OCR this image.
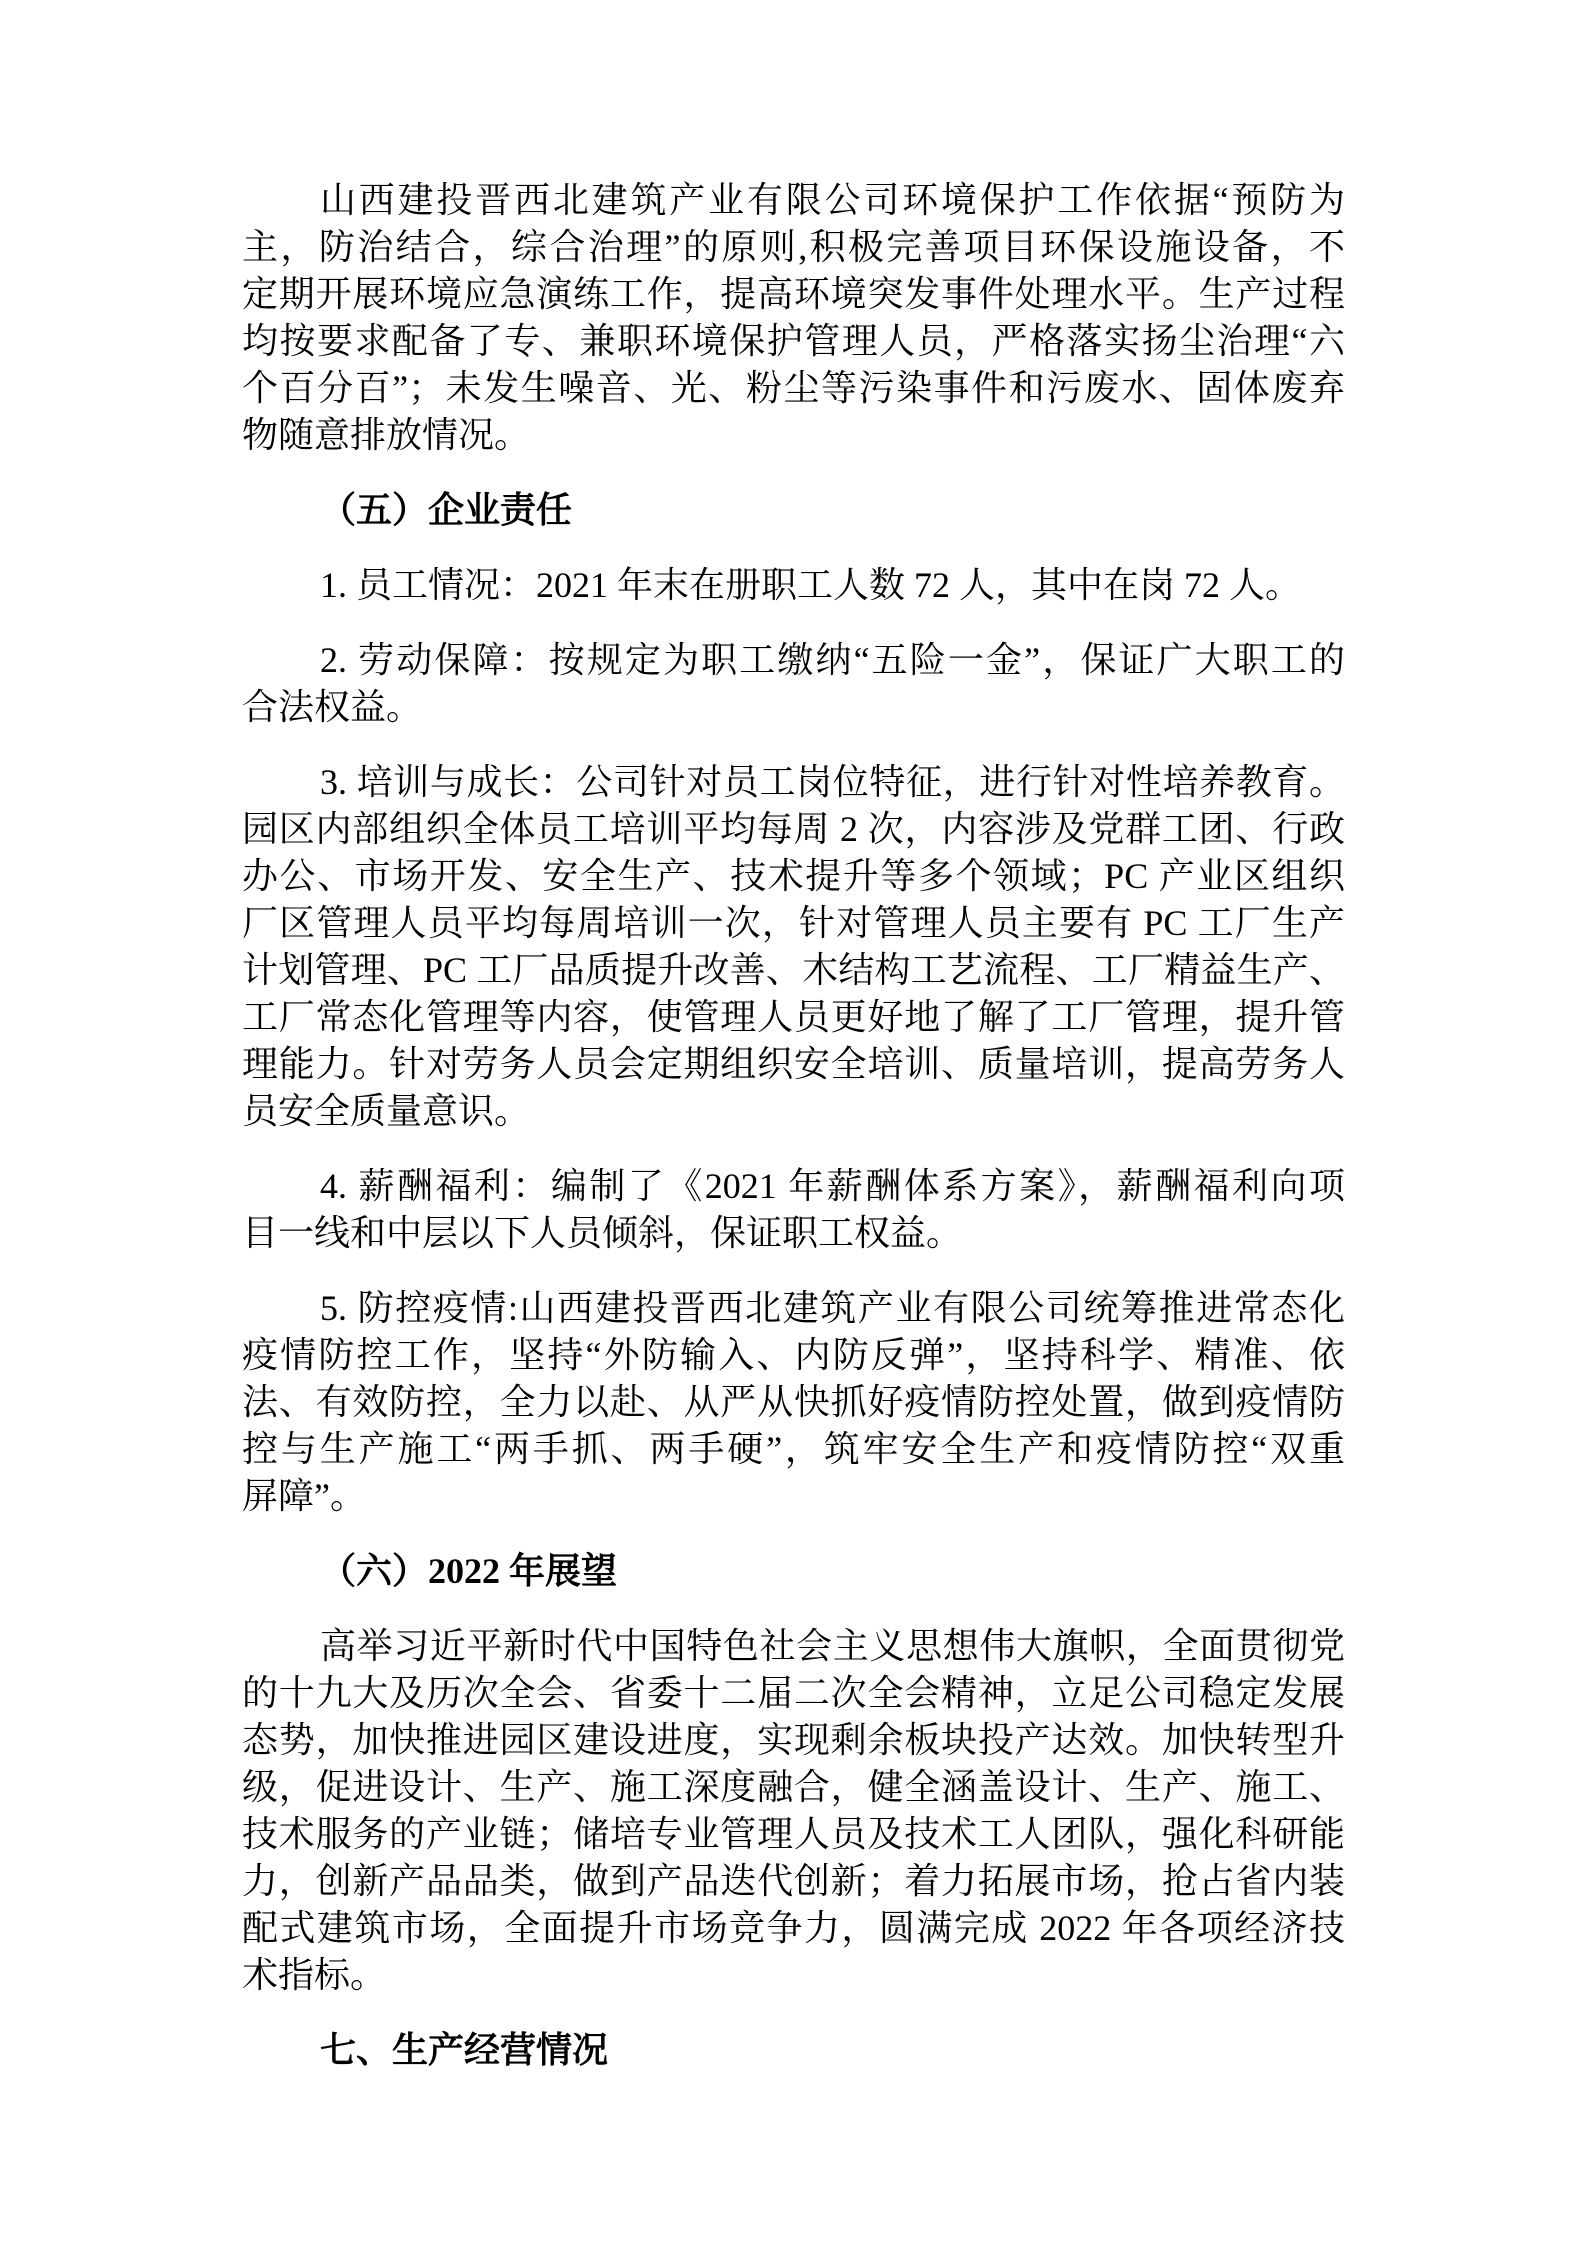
山西建投晋西北建筑产业有限公司环境保护工作依据“预防为
主，防治结合，综合治理”的原则,积极完善项目环保设施设备，不
定期开展环境应急演练工作，提高环境突发事件处理水平。生产过程
均按要求配备了专、兼职环境保护管理人员，严格落实扬尘治理“六
个百分百”；未发生噪音、光、粉尘等污染事件和污废水、固体废弃
物随意排放情况。
（五）企业责任
1. 员工情况：2021 年末在册职工人数 72 人，其中在岗 72 人。
2. 劳动保障：按规定为职工缴纳“五险一金”，保证广大职工的
合法权益。
3. 培训与成长：公司针对员工岗位特征，进行针对性培养教育。
园区内部组织全体员工培训平均每周 2 次，内容涉及党群工团、行政
办公、市场开发、安全生产、技术提升等多个领域；PC 产业区组织
厂区管理人员平均每周培训一次，针对管理人员主要有 PC 工厂生产
计划管理、PC 工厂品质提升改善、木结构工艺流程、工厂精益生产、
工厂常态化管理等内容，使管理人员更好地了解了工厂管理，提升管
理能力。针对劳务人员会定期组织安全培训、质量培训，提高劳务人
员安全质量意识。
4. 薪酬福利：编制了《2021 年薪酬体系方案》，薪酬福利向项
目一线和中层以下人员倾斜，保证职工权益。
5. 防控疫情:山西建投晋西北建筑产业有限公司统筹推进常态化
疫情防控工作，坚持“外防输入、内防反弹”，坚持科学、精准、依
法、有效防控，全力以赴、从严从快抓好疫情防控处置，做到疫情防
控与生产施工“两手抓、两手硬”，筑牢安全生产和疫情防控“双重
屏障”。
（六）2022 年展望
高举习近平新时代中国特色社会主义思想伟大旗帜，全面贯彻党
的十九大及历次全会、省委十二届二次全会精神，立足公司稳定发展
态势，加快推进园区建设进度，实现剩余板块投产达效。加快转型升
级，促进设计、生产、施工深度融合，健全涵盖设计、生产、施工、
技术服务的产业链；储培专业管理人员及技术工人团队，强化科研能
力，创新产品品类，做到产品迭代创新；着力拓展市场，抢占省内装
配式建筑市场，全面提升市场竞争力，圆满完成 2022 年各项经济技
术指标。
七、生产经营情况
